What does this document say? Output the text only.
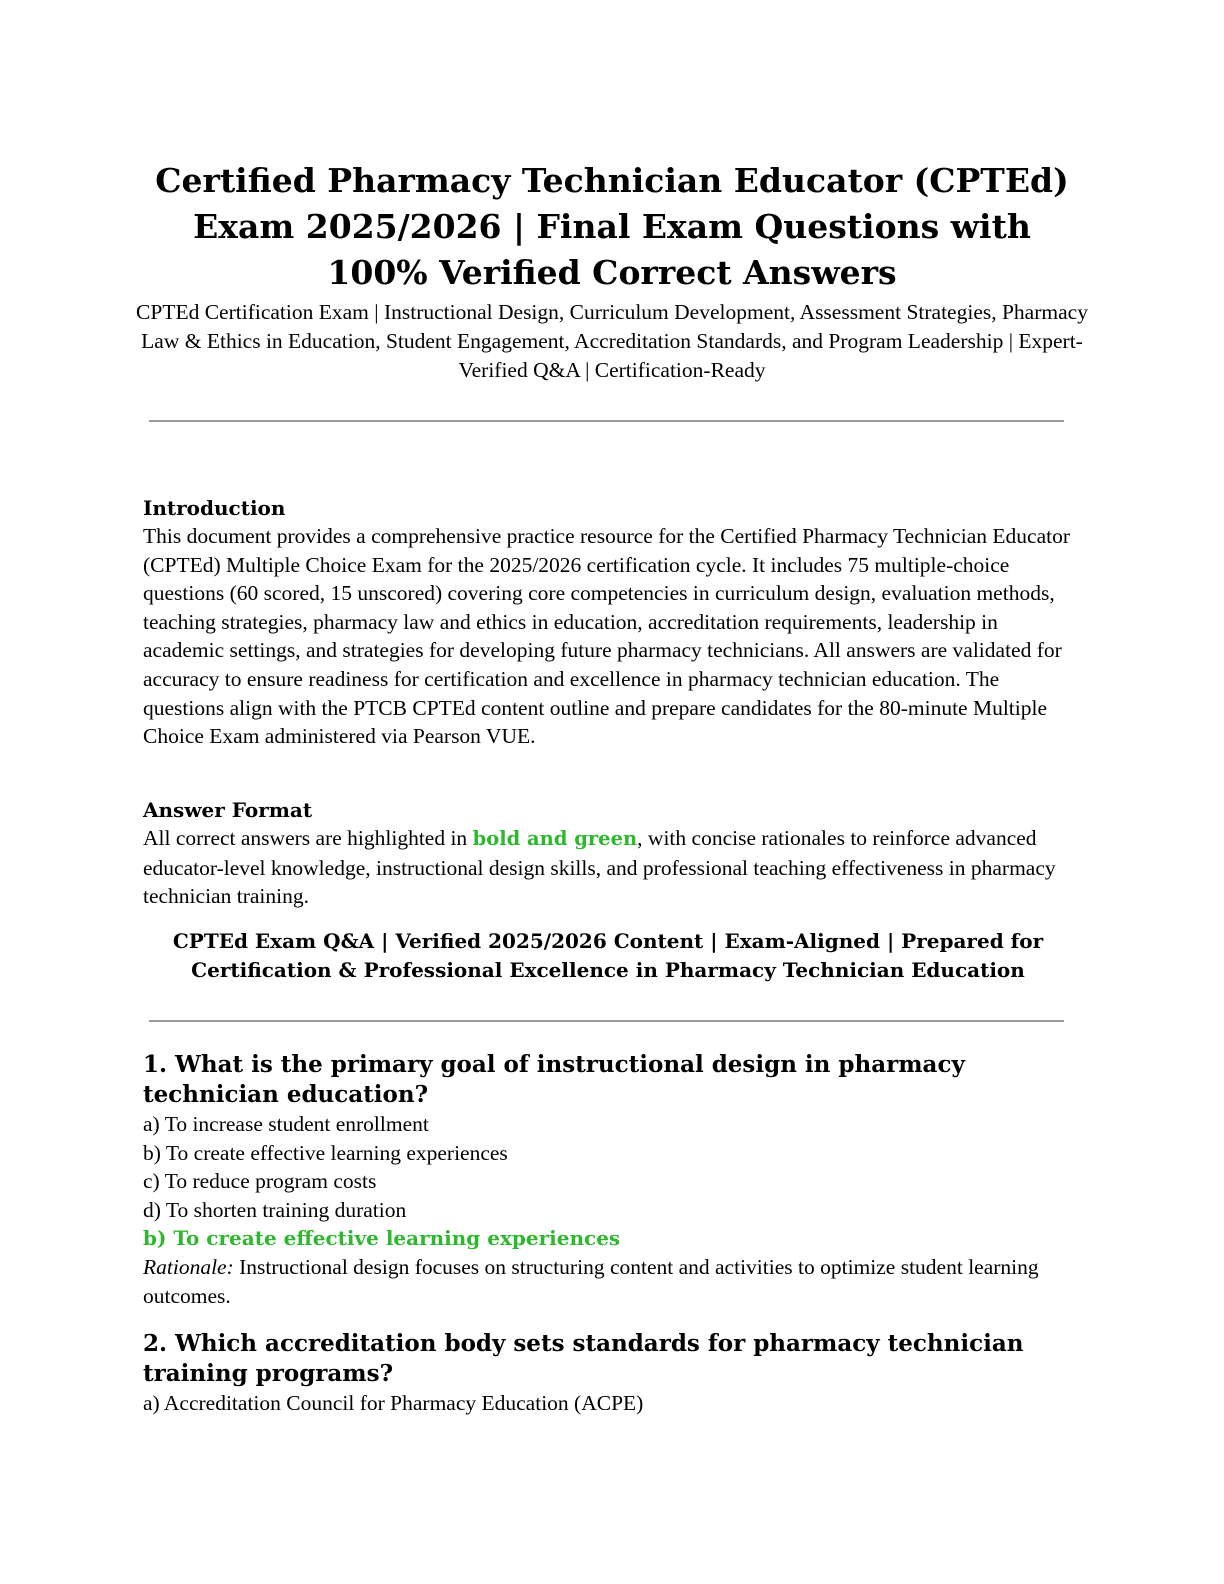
Certified Pharmacy Technician Educator (CPTEd)
Exam 2025/2026 | Final Exam Questions with
100% Verified Correct Answers

CPTEd Certification Exam | Instructional Design, Curriculum Development, Assessment Strategies, Pharmacy Law & Ethics in Education, Student Engagement, Accreditation Standards, and Program Leadership | Expert-Verified Q&A | Certification-Ready

Introduction

This document provides a comprehensive practice resource for the Certified Pharmacy Technician Educator (CPTEd) Multiple Choice Exam for the 2025/2026 certification cycle. It includes 75 multiple-choice questions (60 scored, 15 unscored) covering core competencies in curriculum design, evaluation methods, teaching strategies, pharmacy law and ethics in education, accreditation requirements, leadership in academic settings, and strategies for developing future pharmacy technicians. All answers are validated for accuracy to ensure readiness for certification and excellence in pharmacy technician education. The questions align with the PTCB CPTEd content outline and prepare candidates for the 80-minute Multiple Choice Exam administered via Pearson VUE.

Answer Format

All correct answers are highlighted in bold and green, with concise rationales to reinforce advanced educator-level knowledge, instructional design skills, and professional teaching effectiveness in pharmacy technician training.

CPTEd Exam Q&A | Verified 2025/2026 Content | Exam-Aligned | Prepared for Certification & Professional Excellence in Pharmacy Technician Education

1. What is the primary goal of instructional design in pharmacy technician education?

a) To increase student enrollment

b) To create effective learning experiences

c) To reduce program costs

d) To shorten training duration

b) To create effective learning experiences

Rationale: Instructional design focuses on structuring content and activities to optimize student learning outcomes.

2. Which accreditation body sets standards for pharmacy technician training programs?

a) Accreditation Council for Pharmacy Education (ACPE)
